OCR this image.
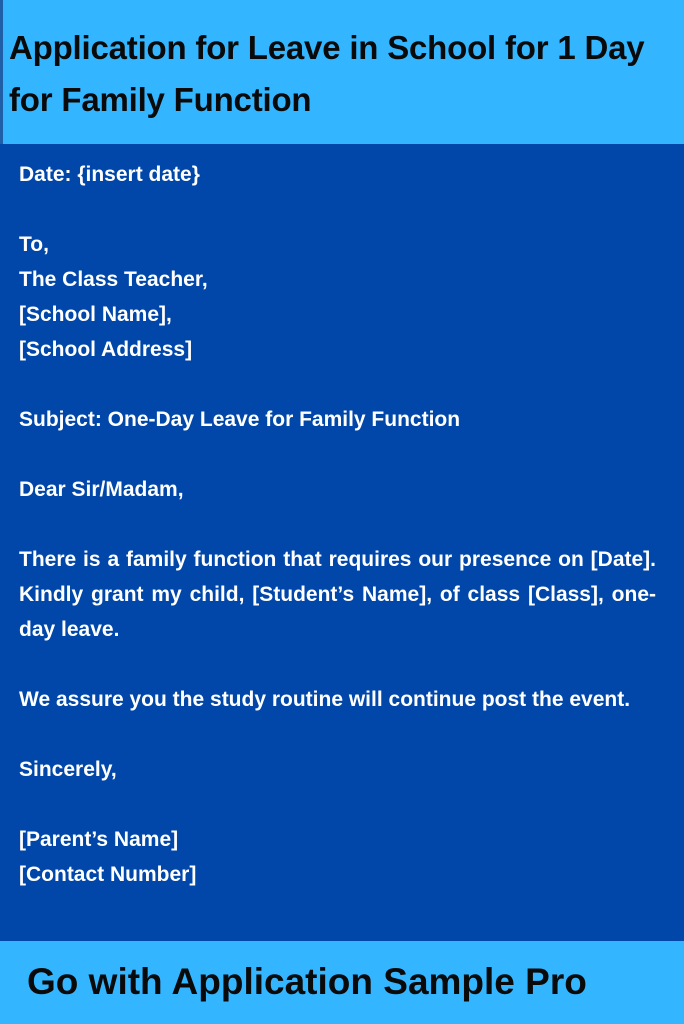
Application for Leave in School for 1 Day for Family Function
Date: {insert date}
To,
The Class Teacher,
[School Name],
[School Address]
Subject: One-Day Leave for Family Function
Dear Sir/Madam,
There is a family function that requires our presence on [Date]. Kindly grant my child, [Student’s Name], of class [Class], one-day leave.
We assure you the study routine will continue post the event.
Sincerely,
[Parent’s Name]
[Contact Number]

Go with Application Sample Pro
